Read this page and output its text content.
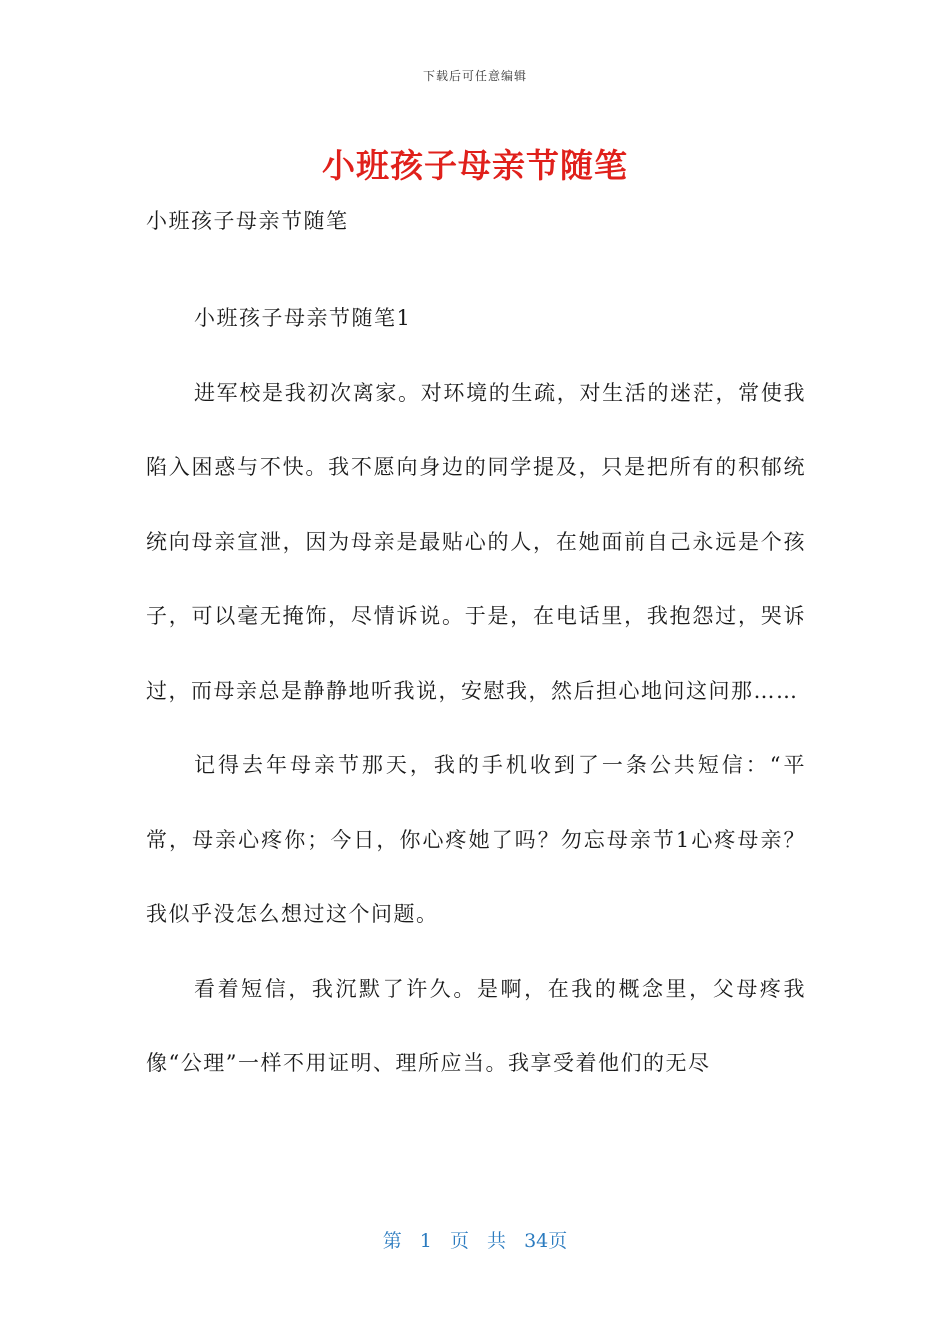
下载后可任意编辑
小班孩子母亲节随笔
小班孩子母亲节随笔

小班孩子母亲节随笔1

进军校是我初次离家。对环境的生疏，对生活的迷茫，常使我陷入困惑与不快。我不愿向身边的同学提及，只是把所有的积郁统统向母亲宣泄，因为母亲是最贴心的人，在她面前自己永远是个孩子，可以毫无掩饰，尽情诉说。于是，在电话里，我抱怨过，哭诉过，而母亲总是静静地听我说，安慰我，然后担心地问这问那……

记得去年母亲节那天，我的手机收到了一条公共短信：“平常，母亲心疼你；今日，你心疼她了吗？勿忘母亲节1心疼母亲？我似乎没怎么想过这个问题。

看着短信，我沉默了许久。是啊，在我的概念里，父母疼我像“公理”一样不用证明、理所应当。我享受着他们的无尽

第 1 页 共 34页
